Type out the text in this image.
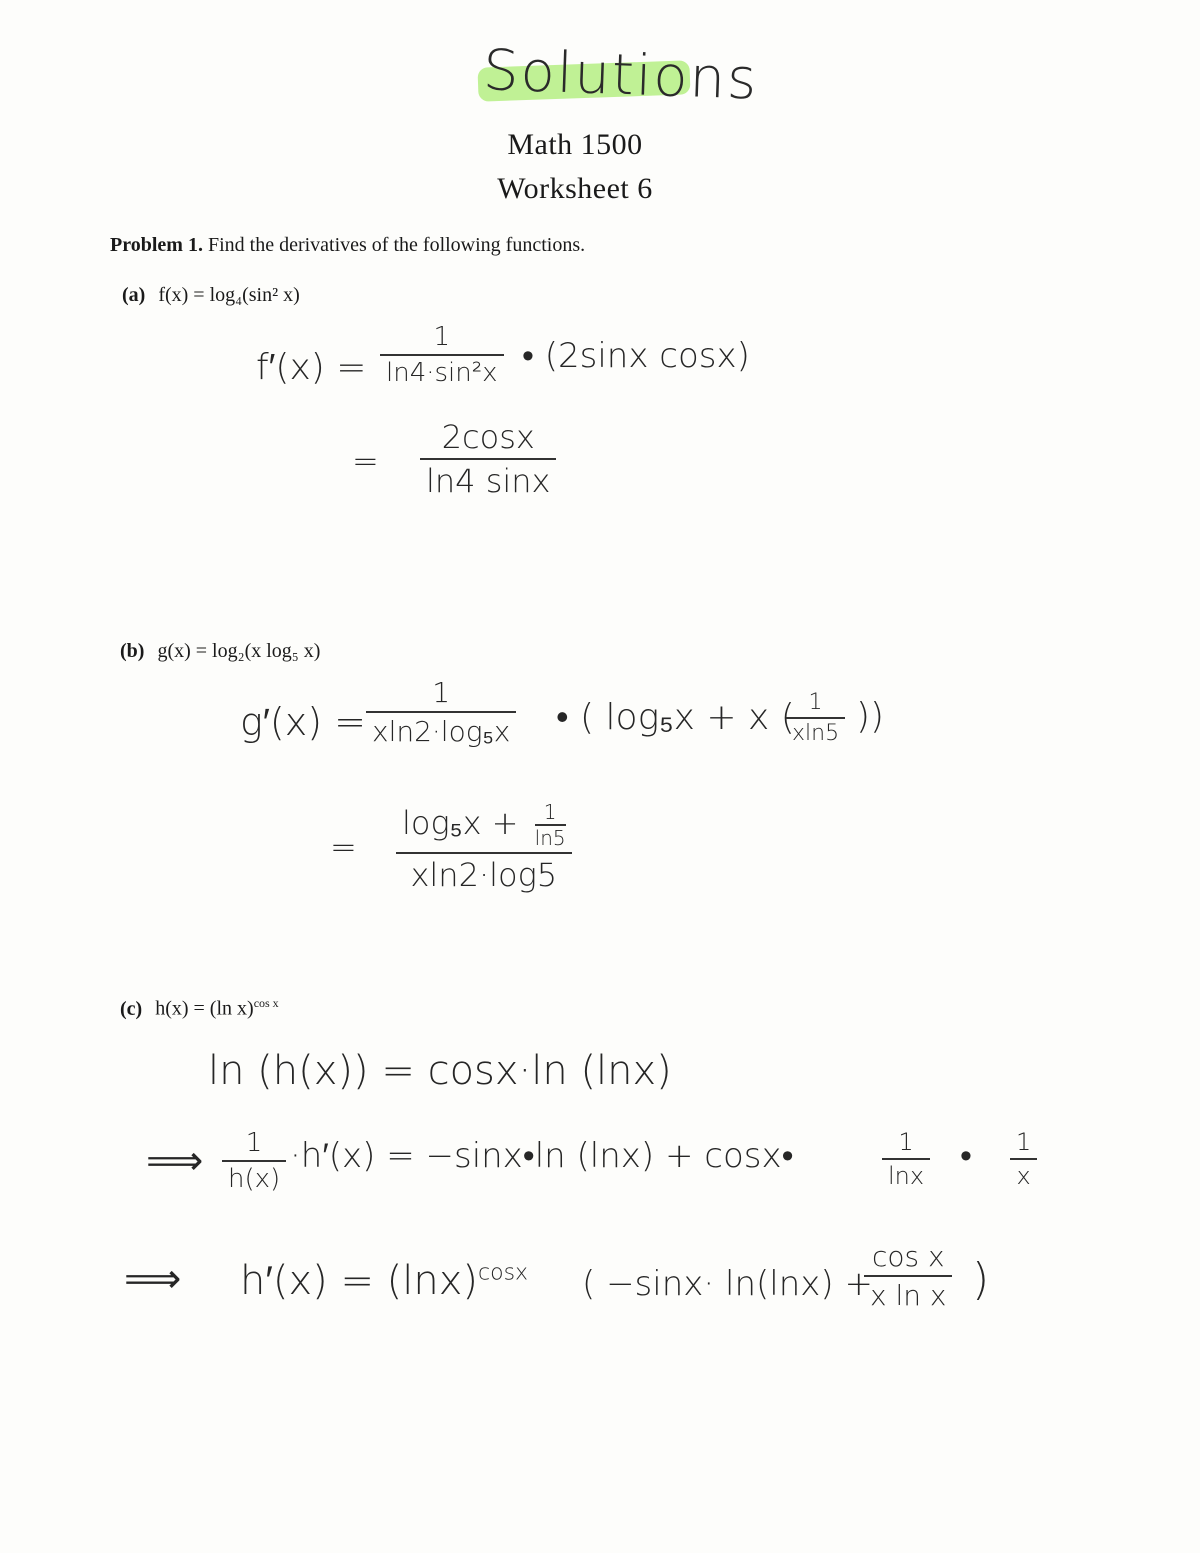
Solutions
Math 1500
Worksheet 6
Problem 1. Find the derivatives of the following functions.
(a) f(x) = log₄(sin² x)
f′(x) =
1
ln4·sin²x • (2sinx cosx)
=
2cosx
ln4 sinx
(b) g(x) = log₂(x log₅ x)
g′(x) =
1
xln2·log₅x • ( log₅x + x ( 1
xln5 ))
=
$\log_5x + \frac{1}{\ln 5}$
xln2·log5
(c) h(x) = (ln x)$^{cos x}$
ln (h(x)) = cosx·ln (lnx)
⟹ 1
h(x)
·h′(x) = −sinx•ln (lnx) + cosx•	1
lnx • 1
x
⟹ $h'(x) = (\ln x)^{cosx}$ ( −sinx· ln(lnx) +
cos x
x ln x )
